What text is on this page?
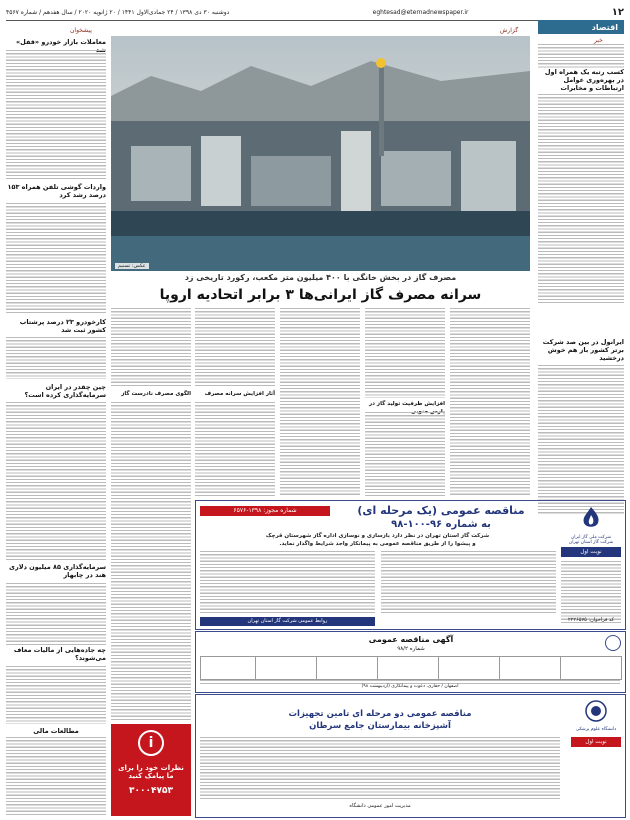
۱۲
eghtesad@eternadnewspaper.ir
دوشنبه ۳۰ دی ۱۳۹۸ / ۲۴ جمادی‌الاول ۱۴۴۱ / ۲۰ ژانویه ۲۰۲۰ / سال هفدهم / شماره ۴۵۶۷
اقتصاد
خبر
گزارش
پیشخوان
کسب رتبه یک همراه اول در بهره‌وری عوامل ارتباطات و مخابرات
ایرانول در بین صد شرکت برتر کشور باز هم خوش درخشید
معاملات بازار خودرو «قفل» شد
واردات گوشی تلفن همراه ۱۵۳ درصد رشد کرد
کارخودرو ۲۳ درصد پرشتاب کشور ثبت شد
چین چقدر در ایران سرمایه‌گذاری کرده است؟
سرمایه‌گذاری ۸۵ میلیون دلاری هند در چابهار
چه جاده‌هایی از مالیات معاف می‌شوند؟
مطالعات مالی
عکس: تسنیم
مصرف گاز در بخش خانگی با ۴۰۰ میلیون متر مکعب، رکورد تاریخی زد
سرانه مصرف گاز ایرانی‌ها ۳ برابر اتحادیه اروپا
افزایش ظرفیت تولید گاز در پارس جنوبی
آثار افزایش سرانه مصرف
الگوی مصرف نادرست گاز
شرکت ملی گاز ایران
شرکت گاز استان تهران
نوبت اول
مناقصه عمومی (یک مرحله ای)
شماره مجوز: ۱۳۹۸-۶۵۷۶
به شماره ۹۶-۱۰۰-۹۸
شرکت گاز استان تهران در نظر دارد بازسازی و نوسازی اداره گاز شهرستان قرچک
و پیشوا را از طریق مناقصه عمومی به پیمانکار واجد شرایط واگذار نماید.
روابط عمومی شرکت گاز استان تهران	کد فراخوان: ۲۲۲۶۵۷۵
آگهی مناقصه عمومی
شماره ۹۸/۲
اصفهان / حفاری، دعوت و پیمانکاری (اردیبهشت ۹۸)
دانشگاه علوم پزشکی
نوبت اول
مناقصه عمومی دو مرحله ای تامین تجهیزات
آشپزخانه بیمارستان جامع سرطان
مدیریت امور عمومی دانشگاه
i
نظرات خود را برای ما پیامک کنید
۳۰۰۰۴۷۵۳
